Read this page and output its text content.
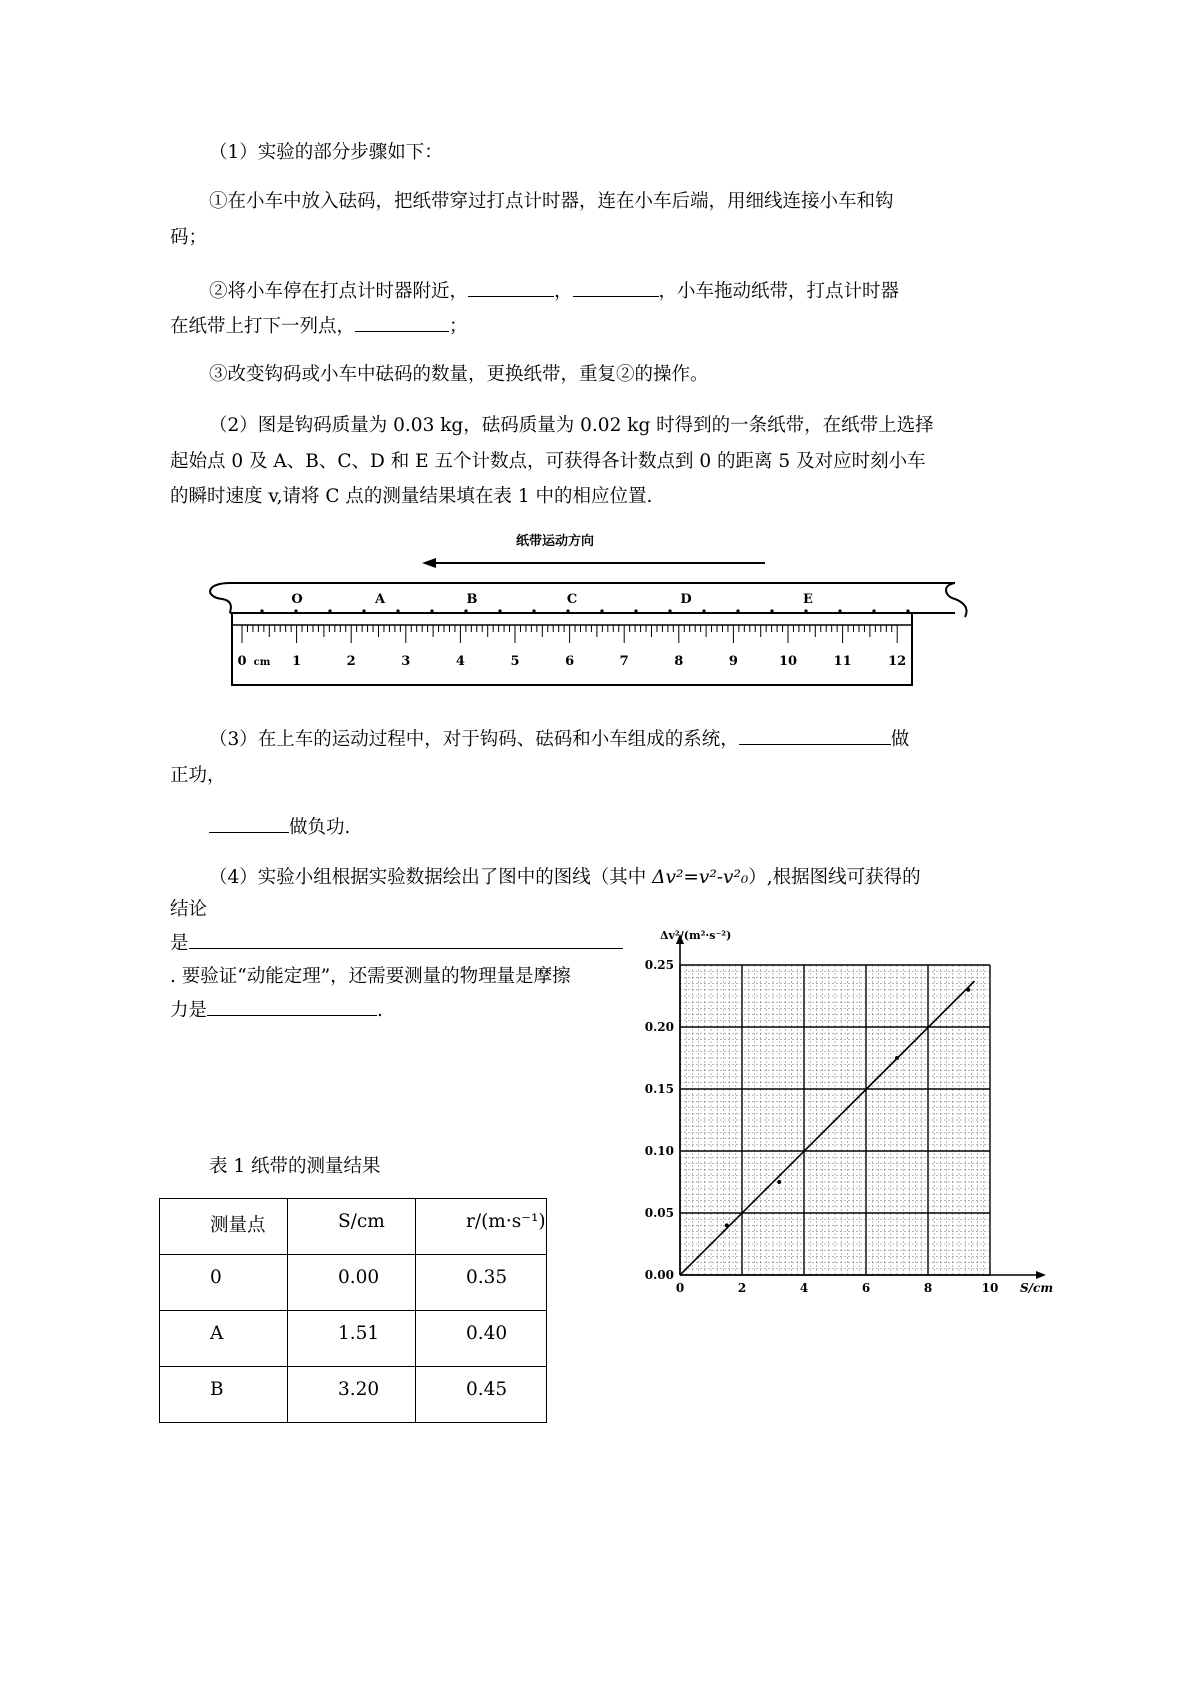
（1）实验的部分步骤如下：
①在小车中放入砝码，把纸带穿过打点计时器，连在小车后端，用细线连接小车和钩
码；
②将小车停在打点计时器附近，	，	，小车拖动纸带，打点计时器
在纸带上打下一列点，	；
③改变钩码或小车中砝码的数量，更换纸带，重复②的操作。
（2）图是钩码质量为 0.03 kg，砝码质量为 0.02 kg 时得到的一条纸带，在纸带上选择
起始点 0 及 A、B、C、D 和 E 五个计数点，可获得各计数点到 0 的距离 5 及对应时刻小车
的瞬时速度 v,请将 C 点的测量结果填在表 1 中的相应位置.
纸带运动方向
O	A	B	C	D	E
0	1	2	3	4	5	6	7	8	9	10	11	12
cm
（3）在上车的运动过程中，对于钩码、砝码和小车组成的系统，	做
正功，
做负功.
（4）实验小组根据实验数据绘出了图中的图线（其中 Δv²=v²-v²₀）,根据图线可获得的
结论
是
. 要验证“动能定理”，还需要测量的物理量是摩擦
力是	.
表 1 纸带的测量结果
测量点	S/cm	r/(m·s⁻¹)
0	0.00	0.35
A	1.51	0.40
B	3.20	0.45
0	2	4	6	8	10
0.00
0.05
0.10
0.15
0.20
0.25
Δv²/(m²·s⁻²)
S/cm
